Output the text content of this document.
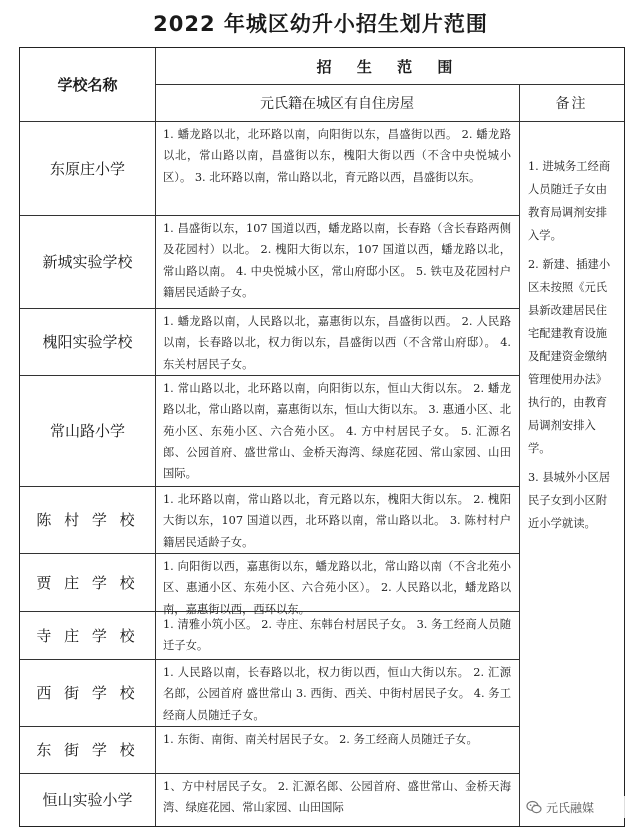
2022 年城区幼升小招生划片范围
学校名称
招 生 范 围
元氏籍在城区有自住房屋	备注
东原庄小学
新城实验学校
槐阳实验学校
常山路小学
陈 村 学 校
贾 庄 学 校
寺 庄 学 校
西 街 学 校
东 街 学 校
恒山实验小学
1. 蟠龙路以北，北环路以南，向阳街以东，昌盛街以西。 2. 蟠龙路以北，常山路以南，昌盛街以东，槐阳大街以西（不含中央悦城小区）。 3. 北环路以南，常山路以北，育元路以西，昌盛街以东。
1. 昌盛街以东，107 国道以西，蟠龙路以南，长春路（含长春路两侧及花园村）以北。 2. 槐阳大街以东，107 国道以西，蟠龙路以北，常山路以南。 4. 中央悦城小区，常山府邸小区。 5. 铁屯及花园村户籍居民适龄子女。
1. 蟠龙路以南，人民路以北，嘉惠街以东，昌盛街以西。 2. 人民路以南，长春路以北，权力街以东，昌盛街以西（不含常山府邸）。 4. 东关村居民子女。
1. 常山路以北，北环路以南，向阳街以东，恒山大街以东。 2. 蟠龙路以北，常山路以南，嘉惠街以东，恒山大街以东。 3. 惠通小区、北苑小区、东苑小区、六合苑小区。 4. 方中村居民子女。 5. 汇源名郎、公园首府、盛世常山、金桥天海湾、绿庭花园、常山家园、山田国际。
1. 北环路以南，常山路以北，育元路以东，槐阳大街以东。 2. 槐阳大街以东，107 国道以西，北环路以南，常山路以北。 3. 陈村村户籍居民适龄子女。
1. 向阳街以西，嘉惠街以东，蟠龙路以北，常山路以南（不含北苑小区、惠通小区、东苑小区、六合苑小区）。 2. 人民路以北，蟠龙路以南，嘉惠街以西，西环以东。
1. 清雅小筑小区。 2. 寺庄、东韩台村居民子女。 3. 务工经商人员随迁子女。
1. 人民路以南，长春路以北，权力街以西，恒山大街以东。 2. 汇源名郎，公园首府 盛世常山 3. 西街、西关、中街村居民子女。 4. 务工经商人员随迁子女。
1. 东街、南街、南关村居民子女。 2. 务工经商人员随迁子女。
1、方中村居民子女。 2. 汇源名郎、公园首府、盛世常山、金桥天海湾、绿庭花园、常山家园、山田国际

1. 进城务工经商人员随迁子女由教育局调剂安排入学。

2. 新建、插建小区未按照《元氏县新改建居民住宅配建教育设施及配建资金缴纳管理使用办法》执行的，由教育局调剂安排入学。

3. 县城外小区居民子女到小区附近小学就读。

元氏融媒
